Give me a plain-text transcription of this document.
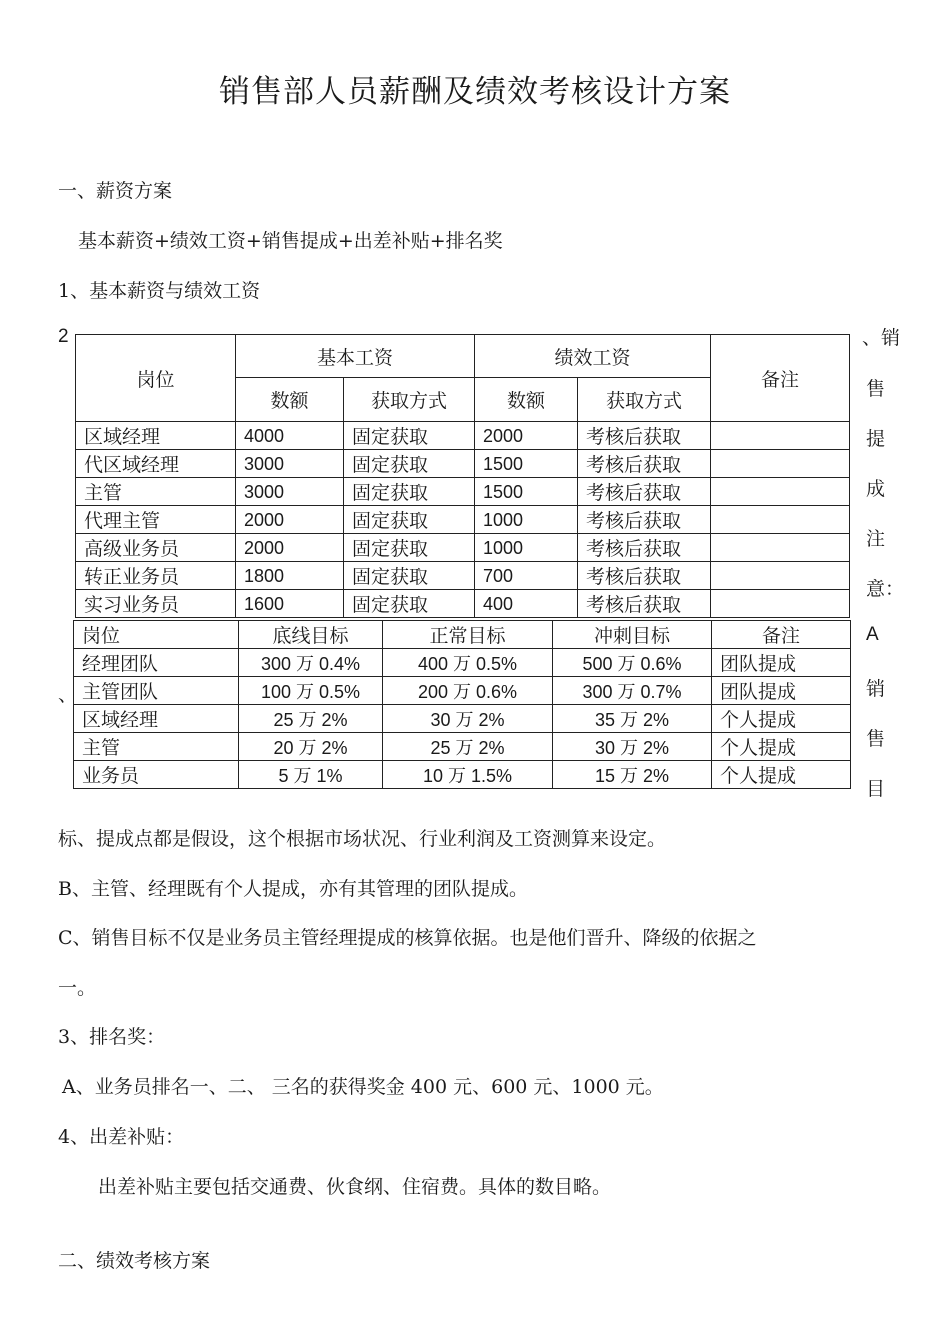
销售部人员薪酬及绩效考核设计方案
一、薪资方案
基本薪资+绩效工资+销售提成+出差补贴+排名奖
1、基本薪资与绩效工资
2
、
、销
售
提
成
注
意：
A
销
售
目
岗位	基本工资		绩效工资		备注
	数额	获取方式	数额	获取方式	
区域经理	4000	固定获取	2000	考核后获取	
代区域经理	3000	固定获取	1500	考核后获取	
主管	3000	固定获取	1500	考核后获取	
代理主管	2000	固定获取	1000	考核后获取	
高级业务员	2000	固定获取	1000	考核后获取	
转正业务员	1800	固定获取	700	考核后获取	
实习业务员	1600	固定获取	400	考核后获取	
岗位	底线目标	正常目标	冲刺目标	备注
经理团队	300 万 0.4%	400 万 0.5%	500 万 0.6%	团队提成
主管团队	100 万 0.5%	200 万 0.6%	300 万 0.7%	团队提成
区域经理	25 万 2%	30 万 2%	35 万 2%	个人提成
主管	20 万 2%	25 万 2%	30 万 2%	个人提成
业务员	5 万 1%	10 万 1.5%	15 万 2%	个人提成
标、提成点都是假设，这个根据市场状况、行业利润及工资测算来设定。
B、主管、经理既有个人提成，亦有其管理的团队提成。
C、销售目标不仅是业务员主管经理提成的核算依据。也是他们晋升、降级的依据之
一。
3、排名奖：
A、业务员排名一、二、 三名的获得奖金 400 元、600 元、1000 元。
4、出差补贴：
出差补贴主要包括交通费、伙食纲、住宿费。具体的数目略。
二、绩效考核方案
